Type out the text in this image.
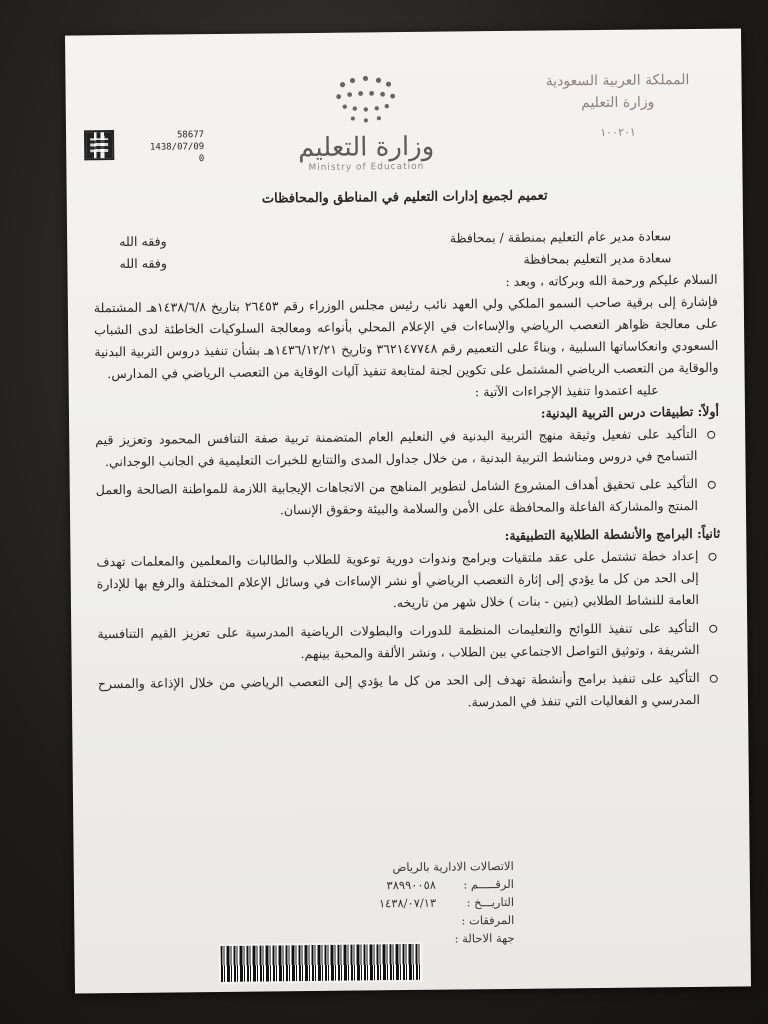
المملكة العربية السعودية
وزارة التعليم
١٠٠٢٠١
وزارة التعليم
Ministry of Education
58677
1438/07/09
0
تعميم لجميع إدارات التعليم في المناطق والمحافظات
سعادة مدير عام التعليم بمنطقة / بمحافظة
وفقه الله
سعادة مدير التعليم بمحافظة
وفقه الله

السلام عليكم ورحمة الله وبركاته ، وبعد :

فإشارة إلى برقية صاحب السمو الملكي ولي العهد نائب رئيس مجلس الوزراء رقم ٢٦٤٥٣ بتاريخ ١٤٣٨/٦/٨هـ المشتملة على معالجة ظواهر التعصب الرياضي والإساءات في الإعلام المحلي بأنواعه ومعالجة السلوكيات الخاطئة لدى الشباب السعودي وانعكاساتها السلبية ، وبناءً على التعميم رقم ٣٦٢١٤٧٧٤٨ وتاريخ ١٤٣٦/١٢/٢١هـ بشأن تنفيذ دروس التربية البدنية والوقاية من التعصب الرياضي المشتمل على تكوين لجنة لمتابعة تنفيذ آليات الوقاية من التعصب الرياضي في المدارس.

عليه اعتمدوا تنفيذ الإجراءات الآتية :

أولاً: تطبيقات درس التربية البدنية:

التأكيد على تفعيل وثيقة منهج التربية البدنية في التعليم العام المتضمنة تربية صفة التنافس المحمود وتعزيز قيم التسامح في دروس ومناشط التربية البدنية ، من خلال جداول المدى والتتابع للخبرات التعليمية في الجانب الوجداني.
التأكيد على تحقيق أهداف المشروع الشامل لتطوير المناهج من الاتجاهات الإيجابية اللازمة للمواطنة الصالحة والعمل المنتج والمشاركة الفاعلة والمحافظة على الأمن والسلامة والبيئة وحقوق الإنسان.

ثانياً: البرامج والأنشطة الطلابية التطبيقية:

إعداد خطة تشتمل على عقد ملتقيات وبرامج وندوات دورية توعوية للطلاب والطالبات والمعلمين والمعلمات تهدف إلى الحد من كل ما يؤدي إلى إثارة التعصب الرياضي أو نشر الإساءات في وسائل الإعلام المختلفة والرفع بها للإدارة العامة للنشاط الطلابي (بنين - بنات ) خلال شهر من تاريخه.
التأكيد على تنفيذ اللوائح والتعليمات المنظمة للدورات والبطولات الرياضية المدرسية على تعزيز القيم التنافسية الشريفة ، وتوثيق التواصل الاجتماعي بين الطلاب ، ونشر الألفة والمحبة بينهم.
التأكيد على تنفيذ برامج وأنشطة تهدف إلى الحد من كل ما يؤدي إلى التعصب الرياضي من خلال الإذاعة والمسرح المدرسي و الفعاليات التي تنفذ في المدرسة.
الاتصالات الادارية بالرياض
الرقـــــم :
٣٨٩٩٠٠٥٨
التاريـــخ :
١٤٣٨/٠٧/١٣
المرفقات :
جهة الاحالة :
